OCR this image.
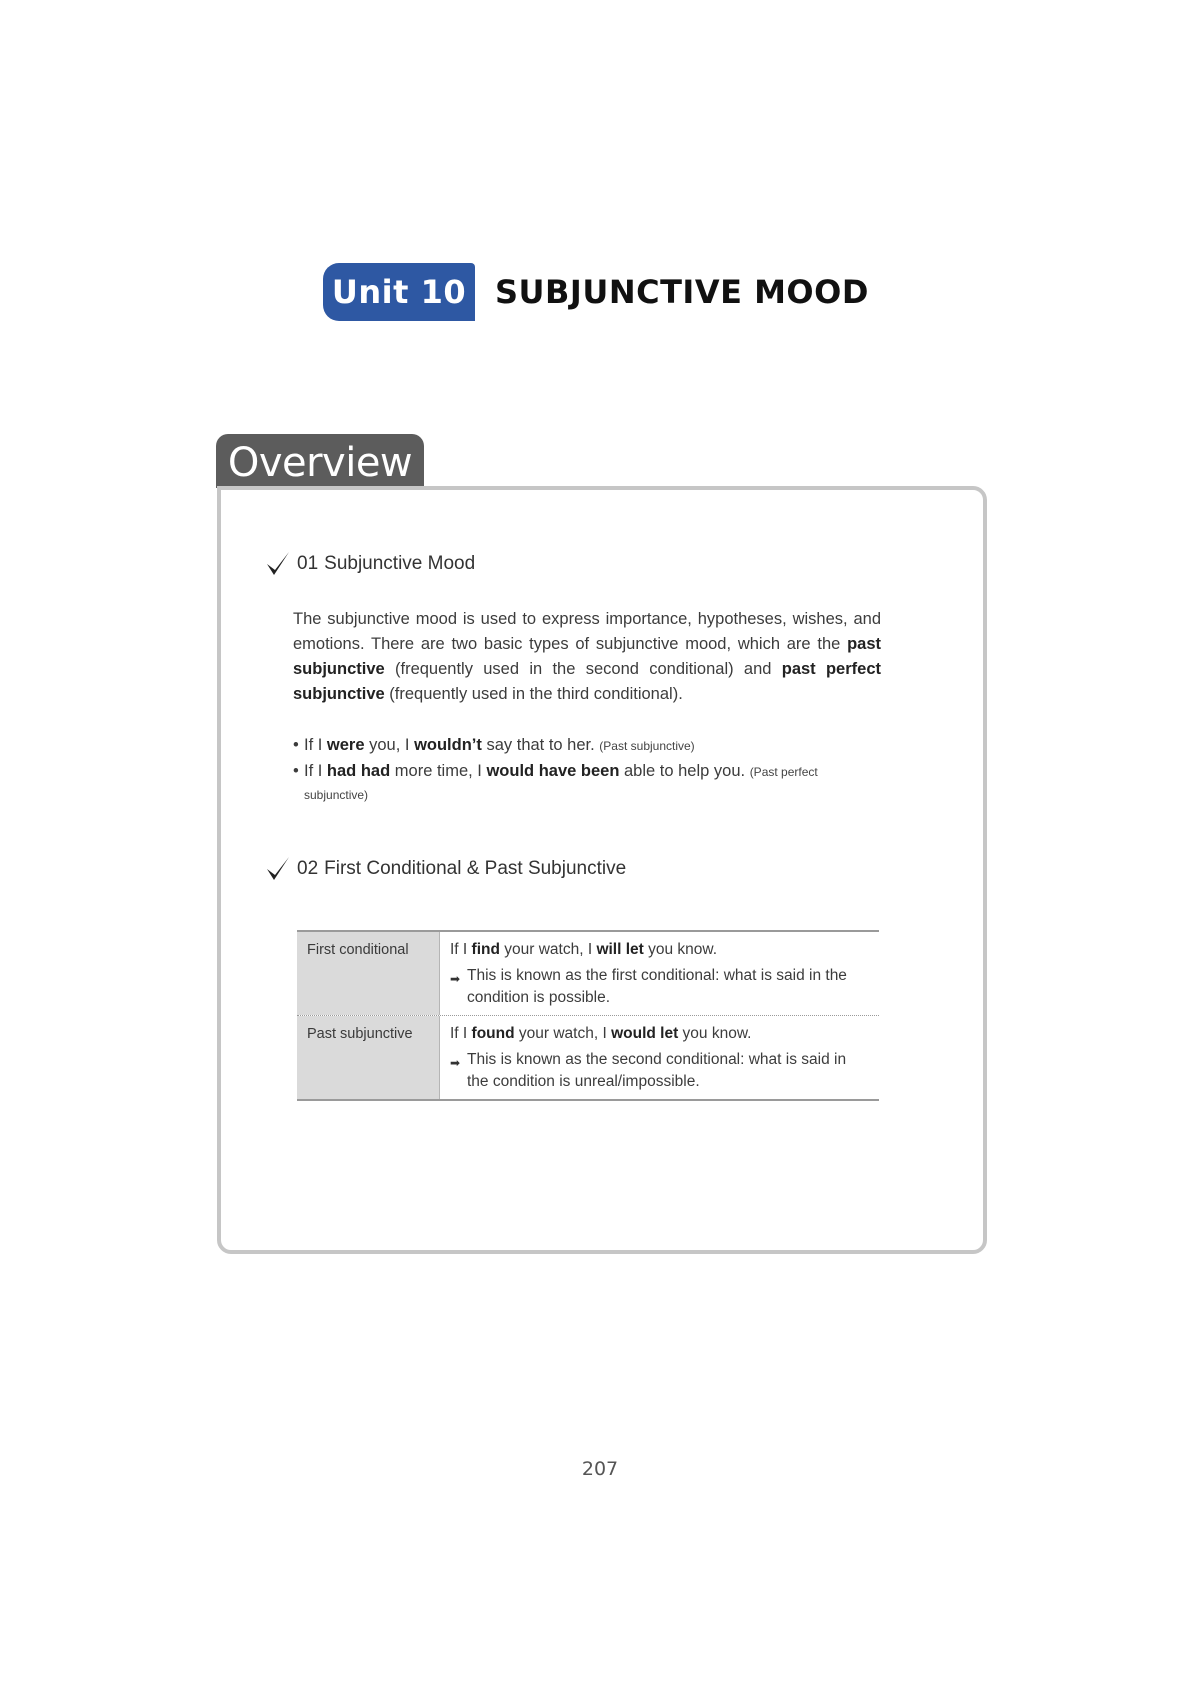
Unit 10 SUBJUNCTIVE MOOD
Overview
01 Subjunctive Mood
The subjunctive mood is used to express importance, hypotheses, wishes, and emotions. There are two basic types of subjunctive mood, which are the past subjunctive (frequently used in the second conditional) and past perfect subjunctive (frequently used in the third conditional).
• If I were you, I wouldn’t say that to her. (Past subjunctive)
• If I had had more time, I would have been able to help you. (Past perfect
subjunctive)
02 First Conditional & Past Subjunctive
First conditional	If I find your watch, I will let you know.
➡ This is known as the first conditional: what is said in the condition is possible.
Past subjunctive	If I found your watch, I would let you know.
➡ This is known as the second conditional: what is said in the condition is unreal/impossible.
207
